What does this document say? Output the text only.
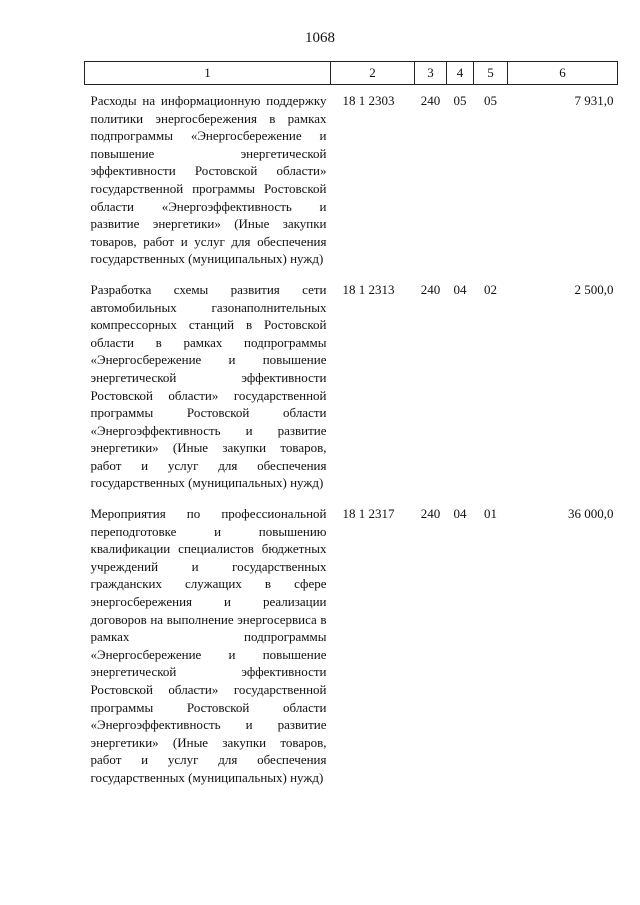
1068
1	2	3	4	5	6
Расходы на информационную поддержку политики энергосбережения в рамках подпрограммы «Энергосбережение и повышение энергетической эффективности Ростовской области» государственной программы Ростовской области «Энергоэффективность и развитие энергетики» (Иные закупки товаров, работ и услуг для обеспечения государственных (муниципальных) нужд)	18 1 2303	240	05	05	7 931,0
Разработка схемы развития сети автомобильных газонаполнительных компрессорных станций в Ростовской области в рамках подпрограммы «Энергосбережение и повышение энергетической эффективности Ростовской области» государственной программы Ростовской области «Энергоэффективность и развитие энергетики» (Иные закупки товаров, работ и услуг для обеспечения государственных (муниципальных) нужд)	18 1 2313	240	04	02	2 500,0
Мероприятия по профессиональной переподготовке и повышению квалификации специалистов бюджетных учреждений и государственных гражданских служащих в сфере энергосбережения и реализации договоров на выполнение энергосервиса в рамках подпрограммы «Энергосбережение и повышение энергетической эффективности Ростовской области» государственной программы Ростовской области «Энергоэффективность и развитие энергетики» (Иные закупки товаров, работ и услуг для обеспечения государственных (муниципальных) нужд)	18 1 2317	240	04	01	36 000,0
